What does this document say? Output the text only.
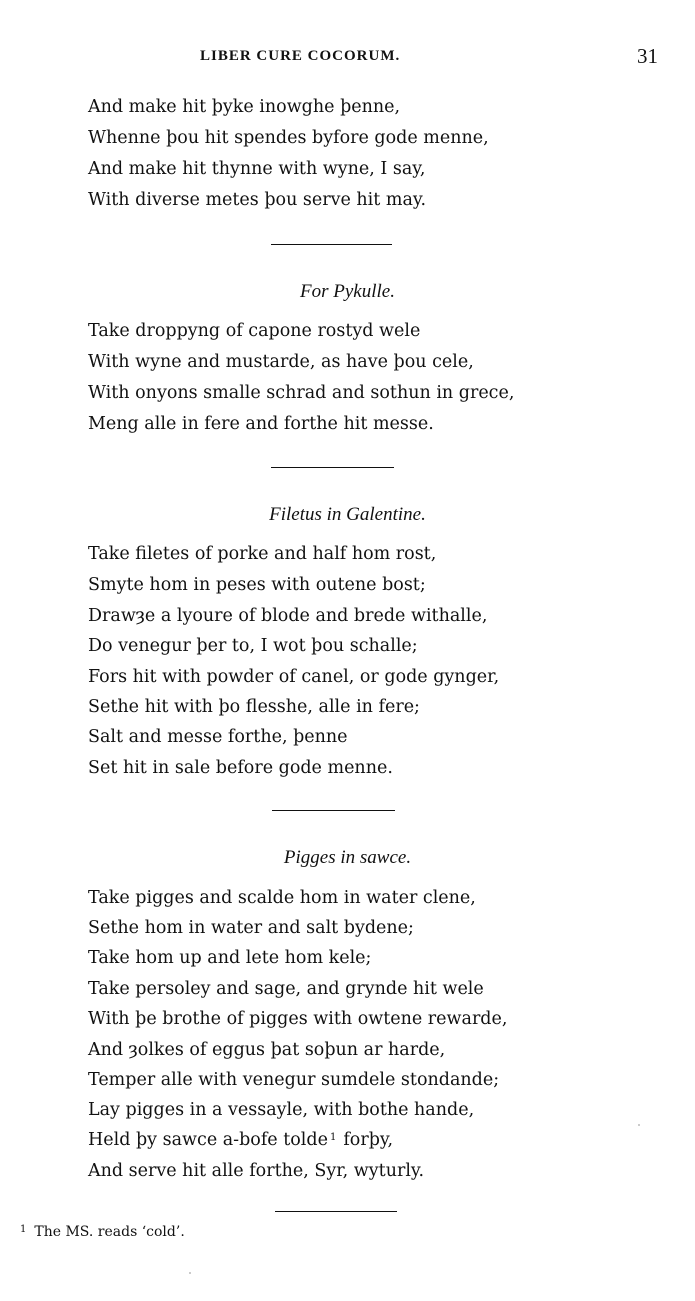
LIBER CURE COCORUM.	31
And make hit þyke inowghe þenne,
Whenne þou hit spendes byfore gode menne,
And make hit thynne with wyne, I say,
With diverse metes þou serve hit may.
For Pykulle.
Take droppyng of capone rostyd wele
With wyne and mustarde, as have þou cele,
With onyons smalle schrad and sothun in grece,
Meng alle in fere and forthe hit messe.
Filetus in Galentine.
Take filetes of porke and half hom rost,
Smyte hom in peses with outene bost;
Drawȝe a lyoure of blode and brede withalle,
Do venegur þer to, I wot þou schalle;
Fors hit with powder of canel, or gode gynger,
Sethe hit with þo flesshe, alle in fere;
Salt and messe forthe, þenne
Set hit in sale before gode menne.
Pigges in sawce.
Take pigges and scalde hom in water clene,
Sethe hom in water and salt bydene;
Take hom up and lete hom kele;
Take persoley and sage, and grynde hit wele
With þe brothe of pigges with owtene rewarde,
And ȝolkes of eggus þat soþun ar harde,
Temper alle with venegur sumdele stondande;
Lay pigges in a vessayle, with bothe hande,
Held þy sawce a-bofe tolde $^1$ forþy,
And serve hit alle forthe, Syr, wyturly.
$^1$ The MS. reads ‘cold’.
